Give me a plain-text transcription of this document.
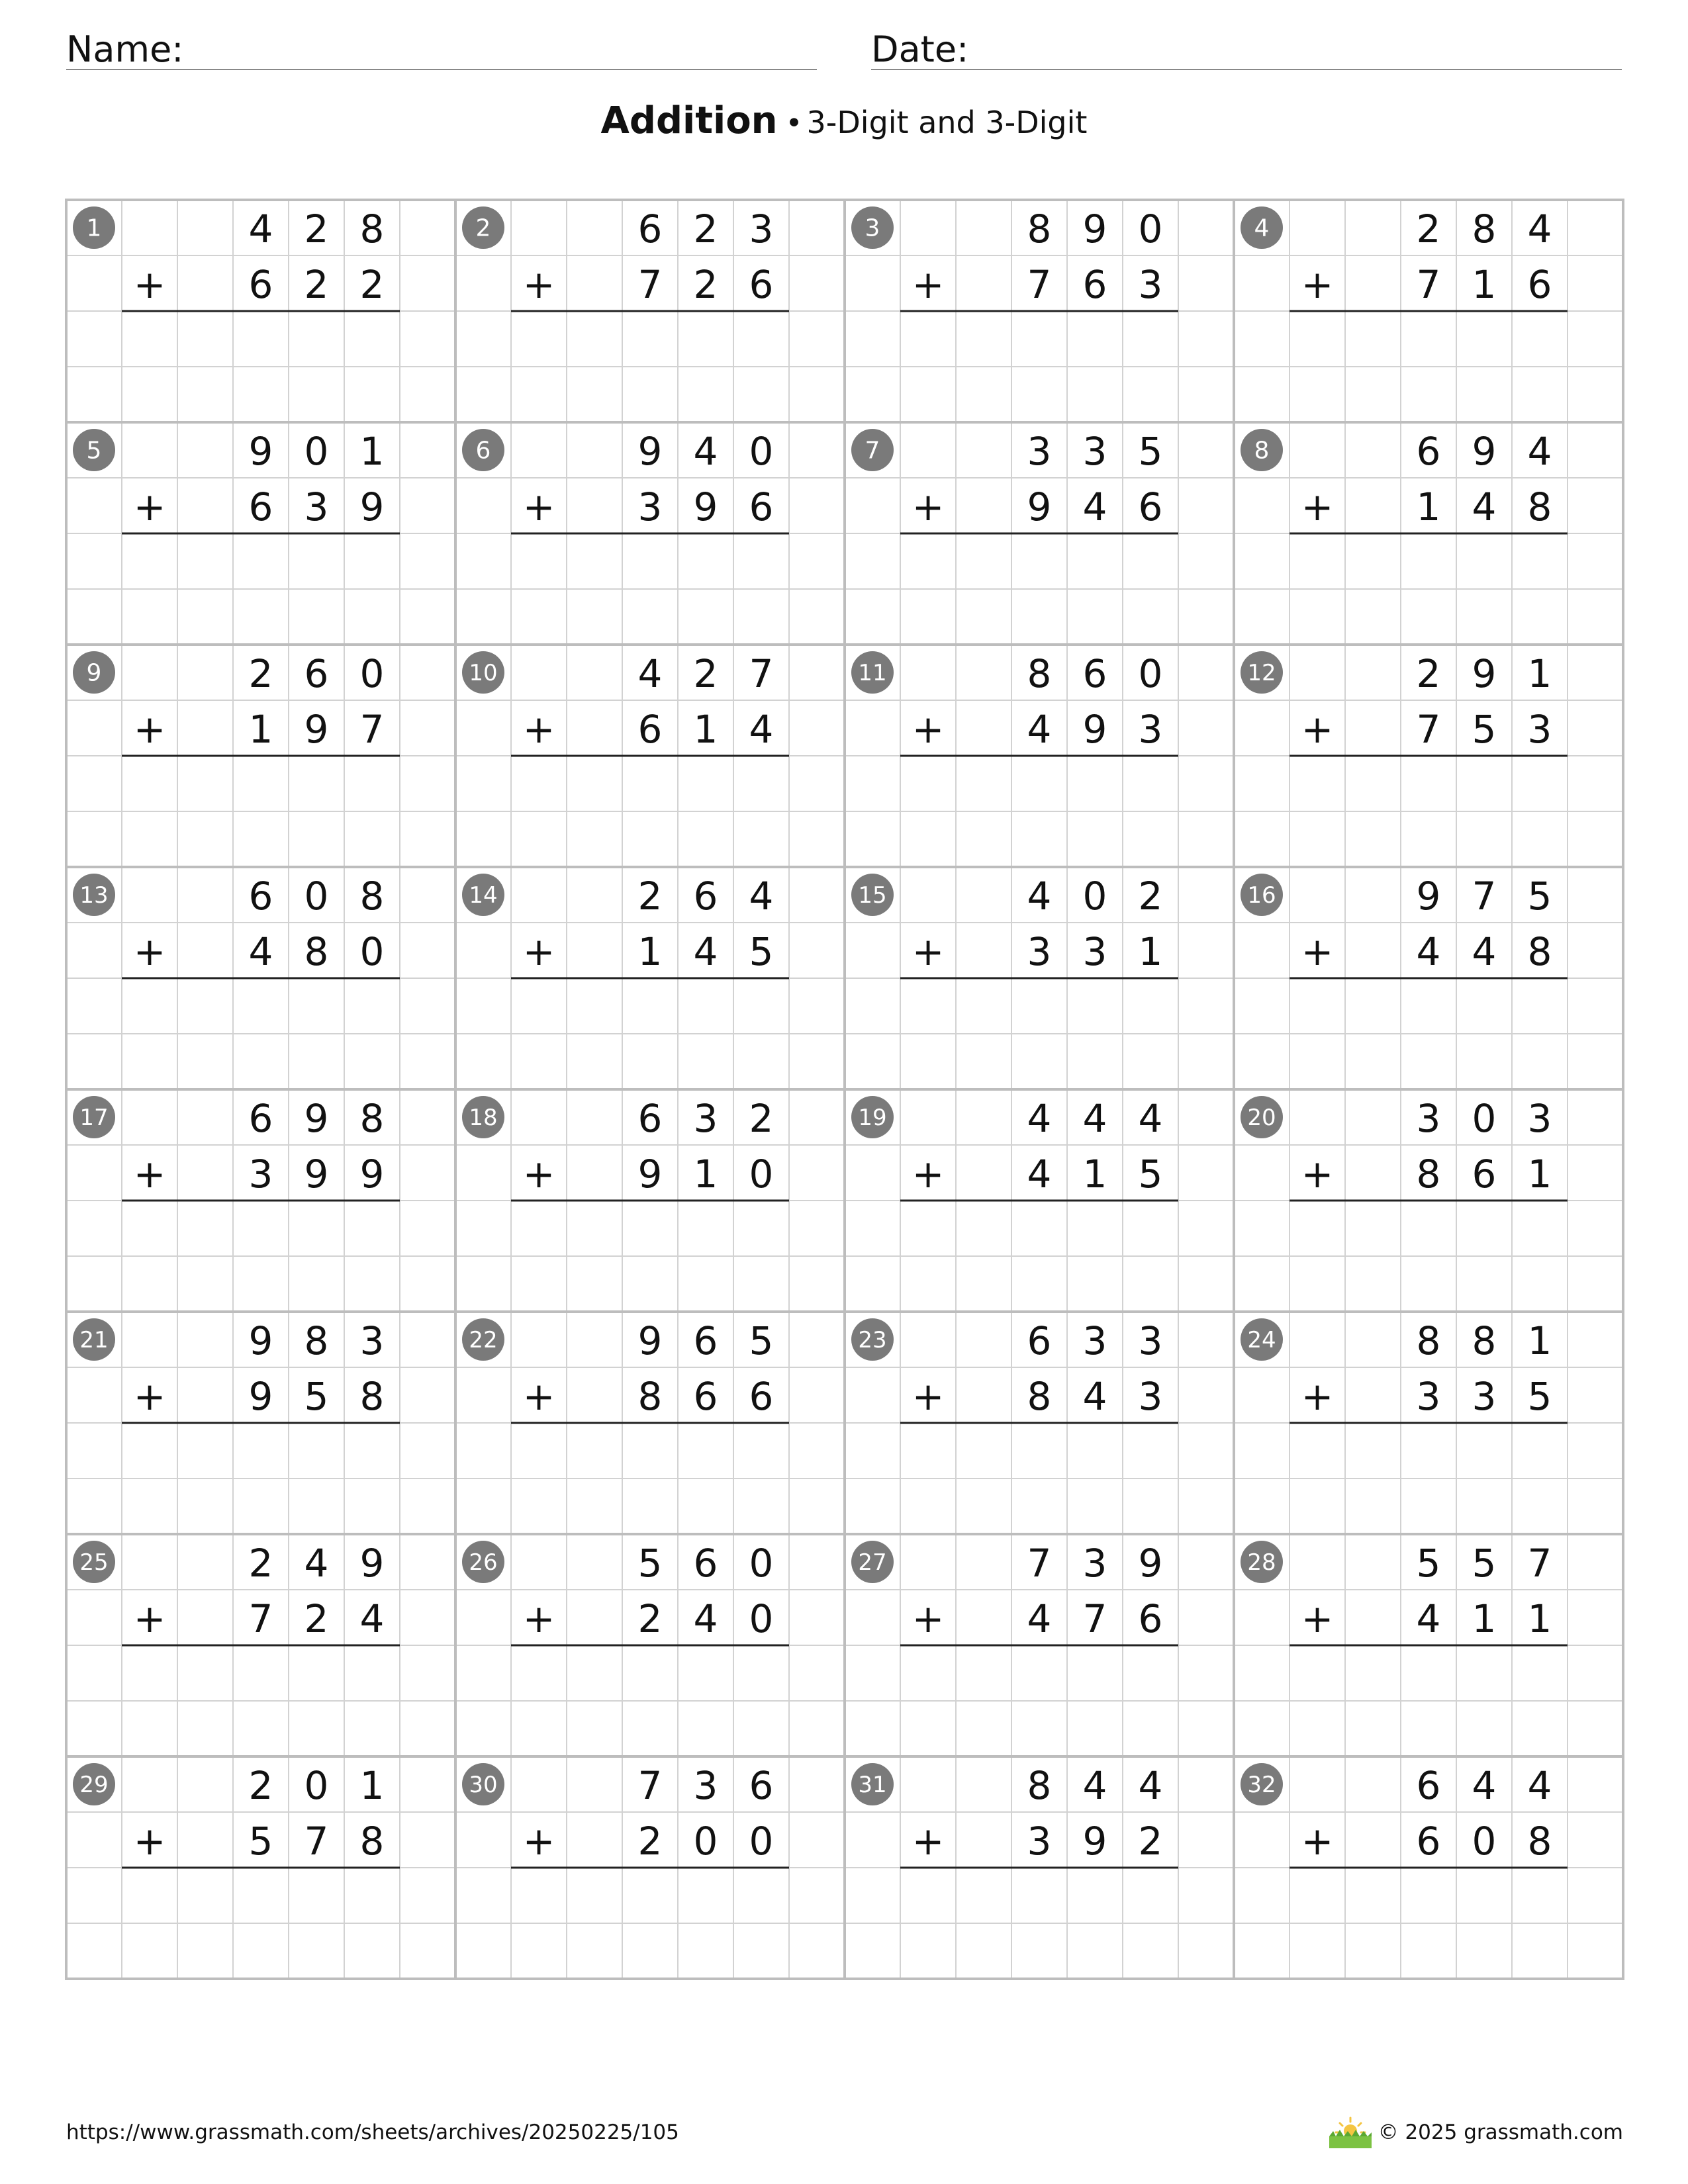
Name:	Date:
Addition • 3-Digit and 3-Digit
1	4 2 8
+ 6 2 2
2	6 2 3
+ 7 2 6
3	8 9 0
+ 7 6 3
4	2 8 4
+ 7 1 6
5	9 0 1
+ 6 3 9
6	9 4 0
+ 3 9 6
7	3 3 5
+ 9 4 6
8	6 9 4
+ 1 4 8
9	2 6 0
+ 1 9 7
10	4 2 7
+ 6 1 4
11	8 6 0
+ 4 9 3
12	2 9 1
+ 7 5 3
13	6 0 8
+ 4 8 0
14	2 6 4
+ 1 4 5
15	4 0 2
+ 3 3 1
16	9 7 5
+ 4 4 8
17	6 9 8
+ 3 9 9
18	6 3 2
+ 9 1 0
19	4 4 4
+ 4 1 5
20	3 0 3
+ 8 6 1
21	9 8 3
+ 9 5 8
22	9 6 5
+ 8 6 6
23	6 3 3
+ 8 4 3
24	8 8 1
+ 3 3 5
25	2 4 9
+ 7 2 4
26	5 6 0
+ 2 4 0
27	7 3 9
+ 4 7 6
28	5 5 7
+ 4 1 1
29	2 0 1
+ 5 7 8
30	7 3 6
+ 2 0 0
31	8 4 4
+ 3 9 2
32	6 4 4
+ 6 0 8
https://www.grassmath.com/sheets/archives/20250225/105	© 2025 grassmath.com
